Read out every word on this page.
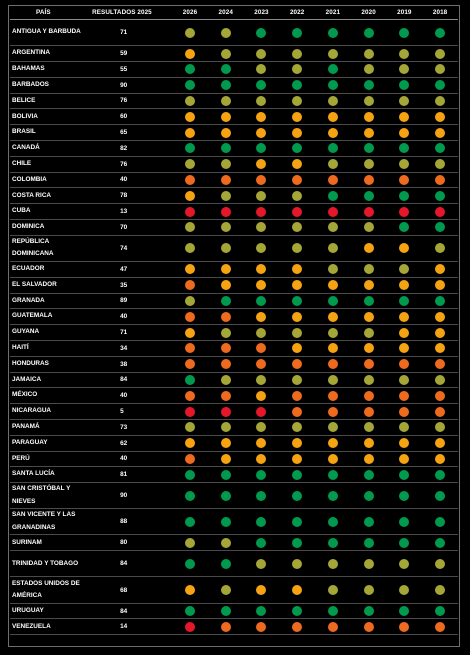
PAÍS	RESULTADOS 2025	2026	2024	2023	2022	2021	2020	2019	2018
ANTIGUA Y BARBUDA	71								
ARGENTINA	59								
BAHAMAS	55								
BARBADOS	90								
BELICE	76								
BOLIVIA	60								
BRASIL	65								
CANADÁ	82								
CHILE	76								
COLOMBIA	40								
COSTA RICA	78								
CUBA	13								
DOMINICA	70								
REPÚBLICA DOMINICANA	74								
ECUADOR	47								
EL SALVADOR	35								
GRANADA	89								
GUATEMALA	40								
GUYANA	71								
HAITÍ	34								
HONDURAS	38								
JAMAICA	84								
MÉXICO	40								
NICARAGUA	5								
PANAMÁ	73								
PARAGUAY	62								
PERÚ	40								
SANTA LUCÍA	81								
SAN CRISTÓBAL Y NIEVES	90								
SAN VICENTE Y LAS GRANADINAS	88								
SURINAM	80								
TRINIDAD Y TOBAGO	84								
ESTADOS UNIDOS DE AMÉRICA	68								
URUGUAY	84								
VENEZUELA	14								
